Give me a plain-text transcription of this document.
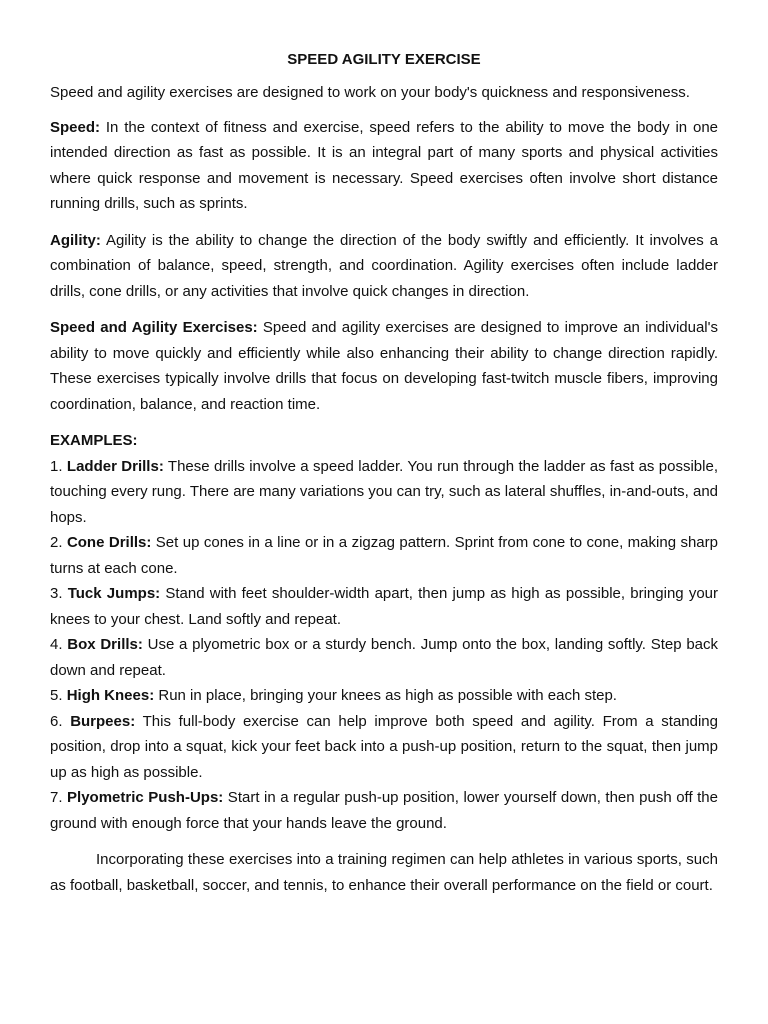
SPEED AGILITY EXERCISE

Speed and agility exercises are designed to work on your body's quickness and responsiveness.

Speed: In the context of fitness and exercise, speed refers to the ability to move the body in one intended direction as fast as possible. It is an integral part of many sports and physical activities where quick response and movement is necessary. Speed exercises often involve short distance running drills, such as sprints.

Agility: Agility is the ability to change the direction of the body swiftly and efficiently. It involves a combination of balance, speed, strength, and coordination. Agility exercises often include ladder drills, cone drills, or any activities that involve quick changes in direction.

Speed and Agility Exercises: Speed and agility exercises are designed to improve an individual's ability to move quickly and efficiently while also enhancing their ability to change direction rapidly. These exercises typically involve drills that focus on developing fast-twitch muscle fibers, improving coordination, balance, and reaction time.

EXAMPLES:
1. Ladder Drills: These drills involve a speed ladder. You run through the ladder as fast as possible, touching every rung. There are many variations you can try, such as lateral shuffles, in-and-outs, and hops.
2. Cone Drills: Set up cones in a line or in a zigzag pattern. Sprint from cone to cone, making sharp turns at each cone.
3. Tuck Jumps: Stand with feet shoulder-width apart, then jump as high as possible, bringing your knees to your chest. Land softly and repeat.
4. Box Drills: Use a plyometric box or a sturdy bench. Jump onto the box, landing softly. Step back down and repeat.
5. High Knees: Run in place, bringing your knees as high as possible with each step.
6. Burpees: This full-body exercise can help improve both speed and agility. From a standing position, drop into a squat, kick your feet back into a push-up position, return to the squat, then jump up as high as possible.
7. Plyometric Push-Ups: Start in a regular push-up position, lower yourself down, then push off the ground with enough force that your hands leave the ground.

Incorporating these exercises into a training regimen can help athletes in various sports, such as football, basketball, soccer, and tennis, to enhance their overall performance on the field or court.
